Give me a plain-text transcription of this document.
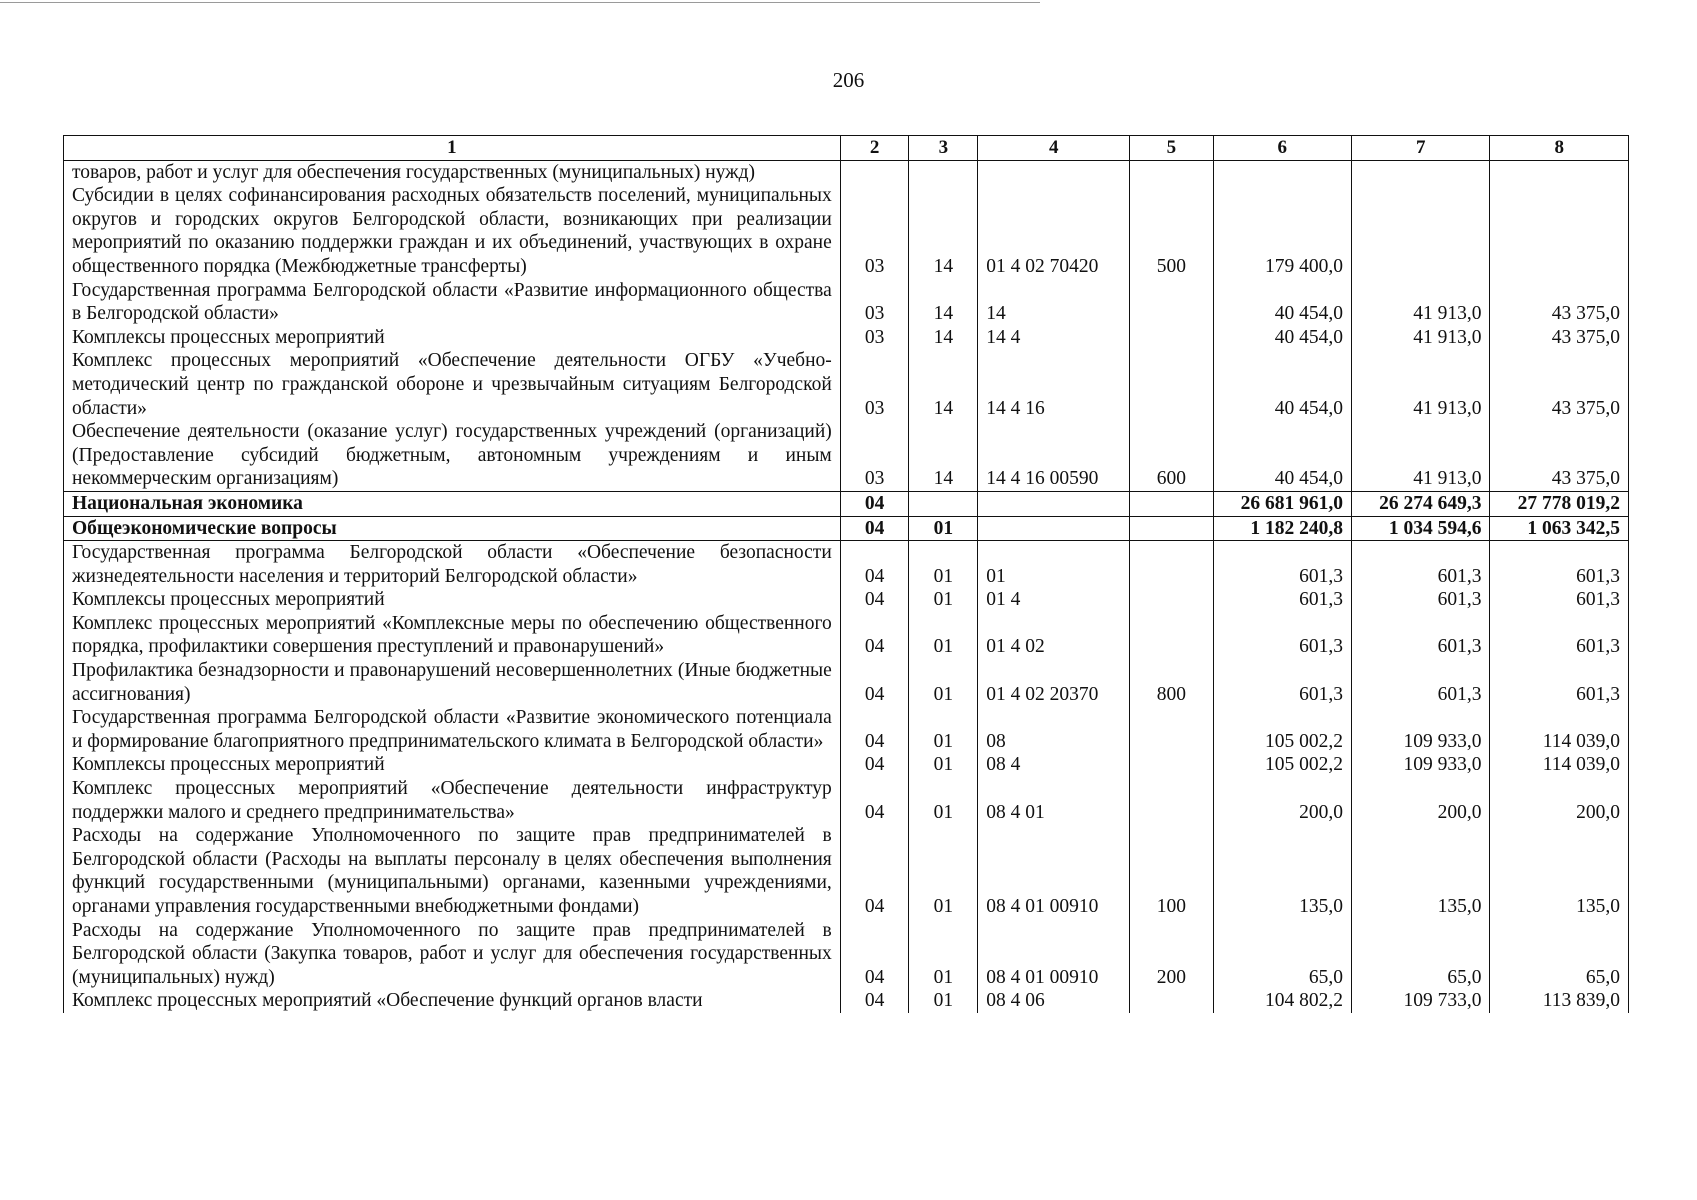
206
1	2	3	4	5	6	7	8
товаров, работ и услуг для обеспечения государственных (муниципальных) нужд)							
Субсидии в целях софинансирования расходных обязательств поселений, муниципальных округов и городских округов Белгородской области, возникающих при реализации мероприятий по оказанию поддержки граждан и их объединений, участвующих в охране общественного порядка (Межбюджетные трансферты)	03	14	01 4 02 70420	500	179 400,0		
Государственная программа Белгородской области «Развитие информационного общества в Белгородской области»	03	14	14		40 454,0	41 913,0	43 375,0
Комплексы процессных мероприятий	03	14	14 4		40 454,0	41 913,0	43 375,0
Комплекс процессных мероприятий «Обеспечение деятельности ОГБУ «Учебно-методический центр по гражданской обороне и чрезвычайным ситуациям Белгородской области»	03	14	14 4 16		40 454,0	41 913,0	43 375,0
Обеспечение деятельности (оказание услуг) государственных учреждений (организаций) (Предоставление субсидий бюджетным, автономным учреждениям и иным некоммерческим организациям)	03	14	14 4 16 00590	600	40 454,0	41 913,0	43 375,0
Национальная экономика	04				26 681 961,0	26 274 649,3	27 778 019,2
Общеэкономические вопросы	04	01			1 182 240,8	1 034 594,6	1 063 342,5
Государственная программа Белгородской области «Обеспечение безопасности жизнедеятельности населения и территорий Белгородской области»	04	01	01		601,3	601,3	601,3
Комплексы процессных мероприятий	04	01	01 4		601,3	601,3	601,3
Комплекс процессных мероприятий «Комплексные меры по обеспечению общественного порядка, профилактики совершения преступлений и правонарушений»	04	01	01 4 02		601,3	601,3	601,3
Профилактика безнадзорности и правонарушений несовершеннолетних (Иные бюджетные ассигнования)	04	01	01 4 02 20370	800	601,3	601,3	601,3
Государственная программа Белгородской области «Развитие экономического потенциала и формирование благоприятного предпринимательского климата в Белгородской области»	04	01	08		105 002,2	109 933,0	114 039,0
Комплексы процессных мероприятий	04	01	08 4		105 002,2	109 933,0	114 039,0
Комплекс процессных мероприятий «Обеспечение деятельности инфраструктур поддержки малого и среднего предпринимательства»	04	01	08 4 01		200,0	200,0	200,0
Расходы на содержание Уполномоченного по защите прав предпринимателей в Белгородской области (Расходы на выплаты персоналу в целях обеспечения выполнения функций государственными (муниципальными) органами, казенными учреждениями, органами управления государственными внебюджетными фондами)	04	01	08 4 01 00910	100	135,0	135,0	135,0
Расходы на содержание Уполномоченного по защите прав предпринимателей в Белгородской области (Закупка товаров, работ и услуг для обеспечения государственных (муниципальных) нужд)	04	01	08 4 01 00910	200	65,0	65,0	65,0
Комплекс процессных мероприятий «Обеспечение функций органов власти	04	01	08 4 06		104 802,2	109 733,0	113 839,0
